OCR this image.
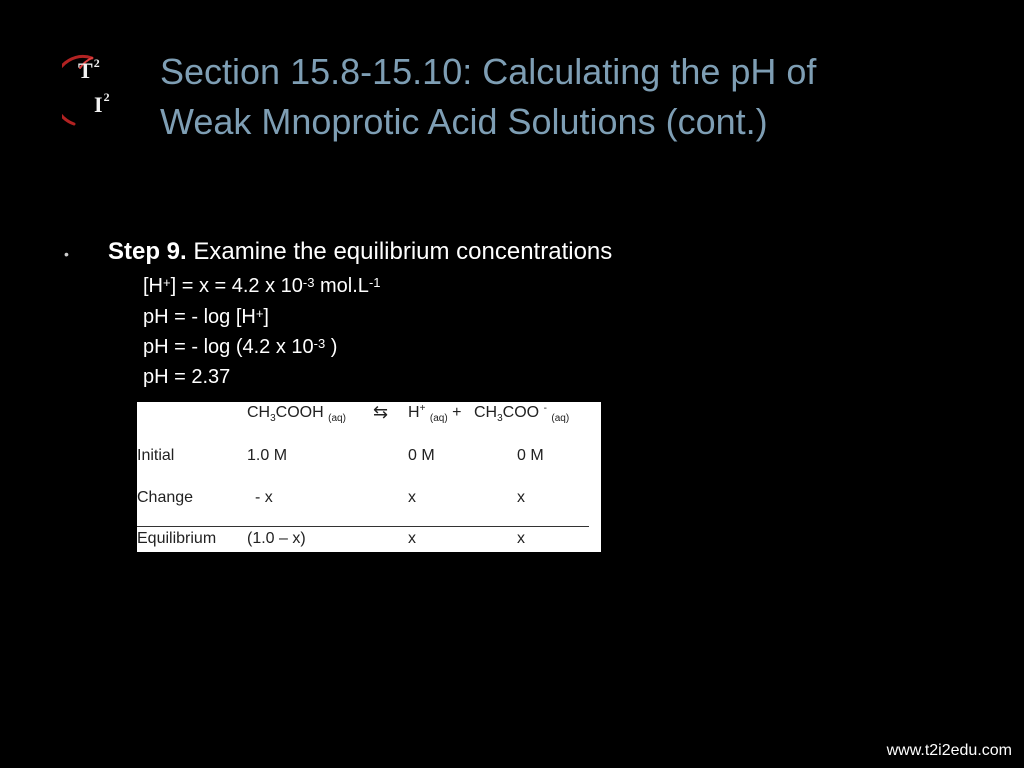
$T^2$
$I^2$
Section 15.8-15.10: Calculating the pH of
Weak Mnoprotic Acid Solutions (cont.)
• Step 9. Examine the equilibrium concentrations
[H+] = x = 4.2 x $10^{-3}$ $mol.L^{-1}$
pH = - log [H+]
pH = - log (4.2 x $10^{-3}$ )
pH = 2.37
$CH_3COOH$ $_{(aq)}$ ⇆ H+ $_{(aq)} + CH_3COO$ - $_{(aq)}$
Initial	1.0 M	0 M	0 M
Change	- x	x	x
Equilibrium (1.0 – x)	x	x
www.t2i2edu.com
